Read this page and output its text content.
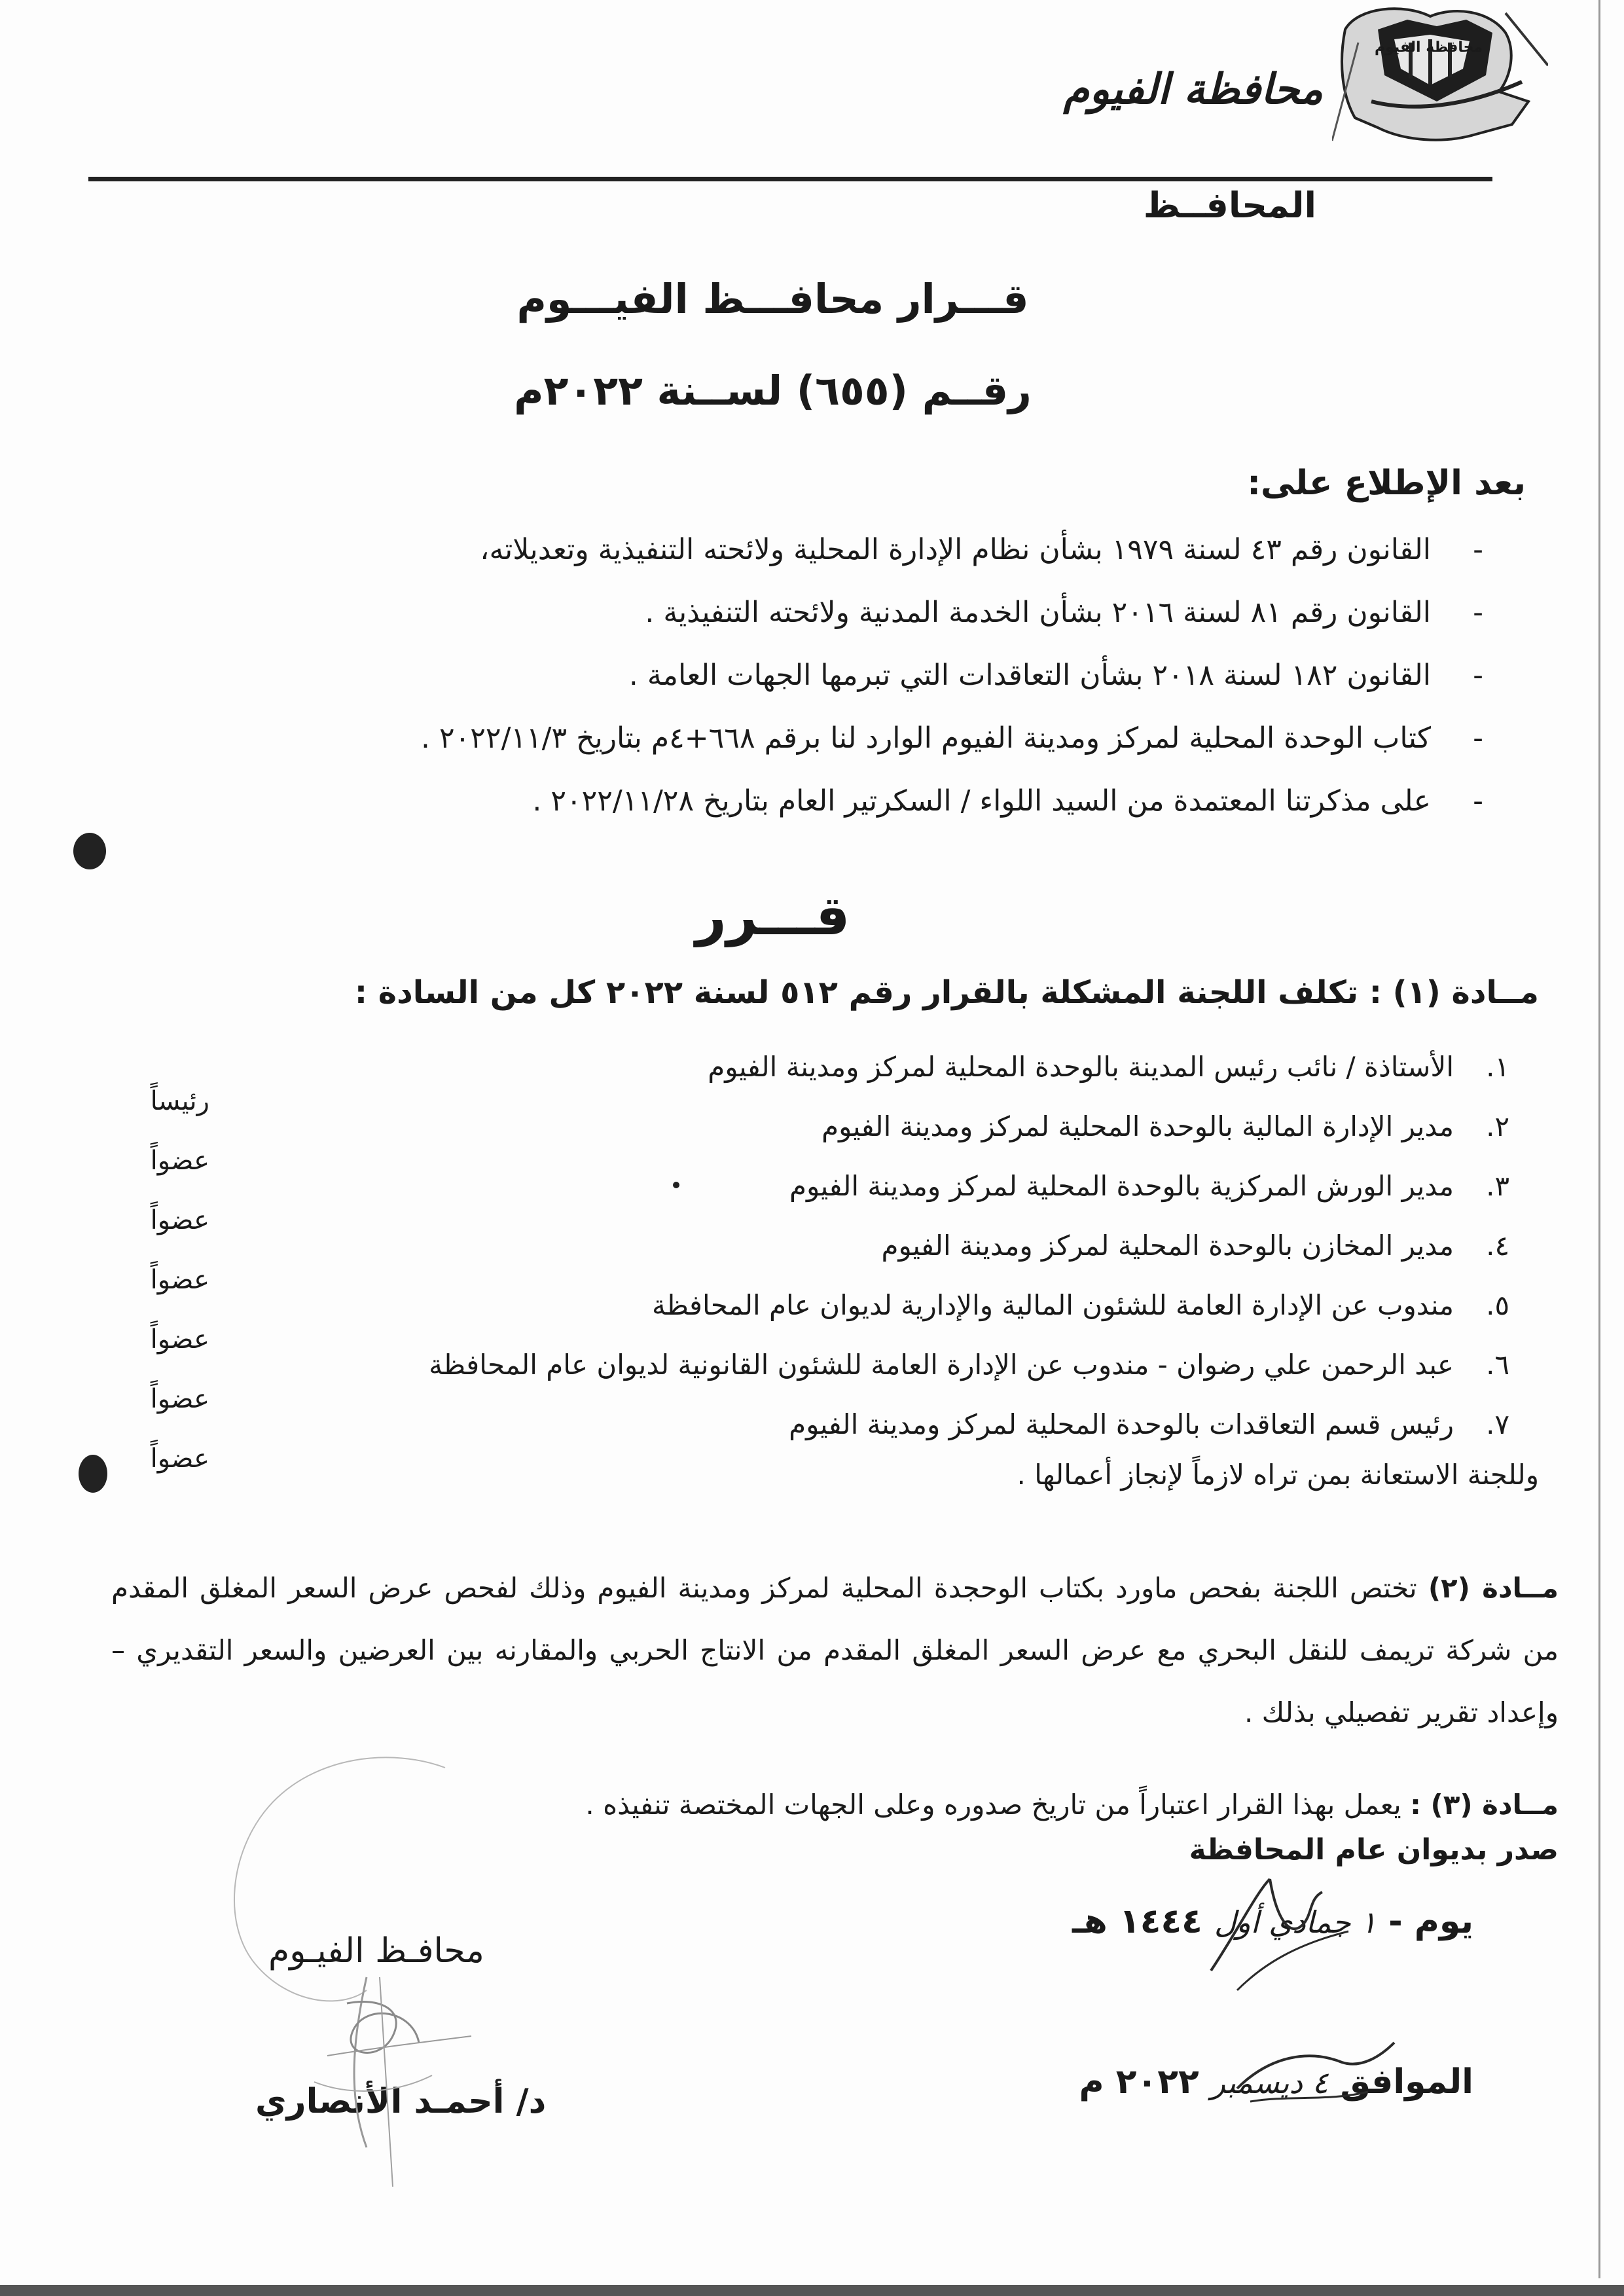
محافظة الفيوم
محافظة الفيوم
المحافــظ
قـــرار محافـــظ الفيـــوم
رقــم (٦٥٥) لســنة ٢٠٢٢م
بعد الإطلاع على:
-
القانون رقم ٤٣ لسنة ١٩٧٩ بشأن نظام الإدارة المحلية ولائحته التنفيذية وتعديلاته،
-
القانون رقم ٨١ لسنة ٢٠١٦ بشأن الخدمة المدنية ولائحته التنفيذية .
-
القانون ١٨٢ لسنة ٢٠١٨ بشأن التعاقدات التي تبرمها الجهات العامة .
-
كتاب الوحدة المحلية لمركز ومدينة الفيوم الوارد لنا برقم ٦٦٨+٤م بتاريخ ٢٠٢٢/١١/٣ .
-
على مذكرتنا المعتمدة من السيد اللواء / السكرتير العام بتاريخ ٢٠٢٢/١١/٢٨ .
قـــرر
مــادة (١) : تكلف اللجنة المشكلة بالقرار رقم ٥١٢ لسنة ٢٠٢٢ كل من السادة :
١.
الأستاذة / نائب رئيس المدينة بالوحدة المحلية لمركز ومدينة الفيوم
٢.
مدير الإدارة المالية بالوحدة المحلية لمركز ومدينة الفيوم
٣.
مدير الورش المركزية بالوحدة المحلية لمركز ومدينة الفيوم
٤.
مدير المخازن بالوحدة المحلية لمركز ومدينة الفيوم
٥.
مندوب عن الإدارة العامة للشئون المالية والإدارية لديوان عام المحافظة
٦.
عبد الرحمن علي رضوان - مندوب عن الإدارة العامة للشئون القانونية لديوان عام المحافظة
٧.
رئيس قسم التعاقدات بالوحدة المحلية لمركز ومدينة الفيوم
رئيساً
عضواً
عضواً
عضواً
عضواً
عضواً
عضواً	وللجنة الاستعانة بمن تراه لازماً لإنجاز أعمالها .
مــادة (٢) تختص اللجنة بفحص ماورد بكتاب الوحجدة المحلية لمركز ومدينة الفيوم وذلك لفحص عرض السعر المغلق المقدم من شركة تريمف للنقل البحري مع عرض السعر المغلق المقدم من الانتاج الحربي والمقارنه بين العرضين والسعر التقديري – وإعداد تقرير تفصيلي بذلك .
مــادة (٣) : يعمل بهذا القرار اعتباراً من تاريخ صدوره وعلى الجهات المختصة تنفيذه .
صدر بديوان عام المحافظة
يوم - ١ جمادي أول ١٤٤٤ هـ
الموافق ٤ ديسمبر ٢٠٢٢ م
محافـظ الفيـوم
د/ أحمـد الأنصاري
